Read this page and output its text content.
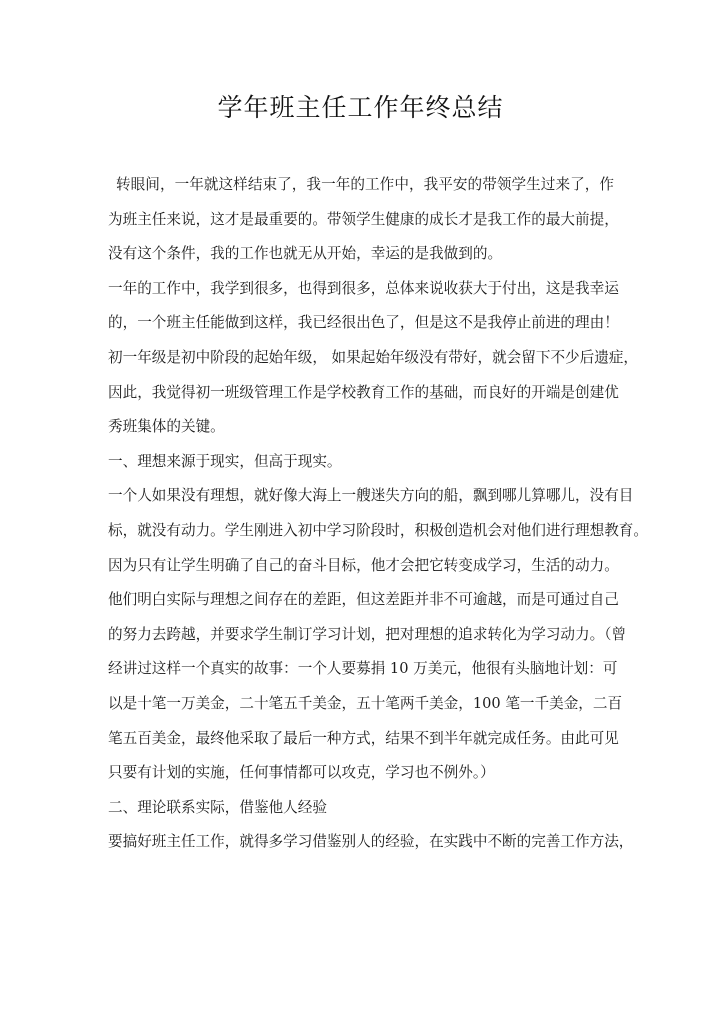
学年班主任工作年终总结
转眼间，一年就这样结束了，我一年的工作中，我平安的带领学生过来了，作
为班主任来说，这才是最重要的。带领学生健康的成长才是我工作的最大前提，
没有这个条件，我的工作也就无从开始，幸运的是我做到的。
一年的工作中，我学到很多，也得到很多，总体来说收获大于付出，这是我幸运
的，一个班主任能做到这样，我已经很出色了，但是这不是我停止前进的理由！
初一年级是初中阶段的起始年级， 如果起始年级没有带好，就会留下不少后遗症，
因此，我觉得初一班级管理工作是学校教育工作的基础，而良好的开端是创建优
秀班集体的关键。
一、理想来源于现实，但高于现实。
一个人如果没有理想，就好像大海上一艘迷失方向的船，飘到哪儿算哪儿，没有目
标，就没有动力。学生刚进入初中学习阶段时，积极创造机会对他们进行理想教育。
因为只有让学生明确了自己的奋斗目标，他才会把它转变成学习，生活的动力。
他们明白实际与理想之间存在的差距，但这差距并非不可逾越，而是可通过自己
的努力去跨越，并要求学生制订学习计划，把对理想的追求转化为学习动力。（曾
经讲过这样一个真实的故事：一个人要募捐 10 万美元，他很有头脑地计划：可
以是十笔一万美金，二十笔五千美金，五十笔两千美金，100 笔一千美金，二百
笔五百美金，最终他采取了最后一种方式，结果不到半年就完成任务。由此可见
只要有计划的实施，任何事情都可以攻克，学习也不例外。）
二、理论联系实际，借鉴他人经验
要搞好班主任工作，就得多学习借鉴别人的经验，在实践中不断的完善工作方法，
